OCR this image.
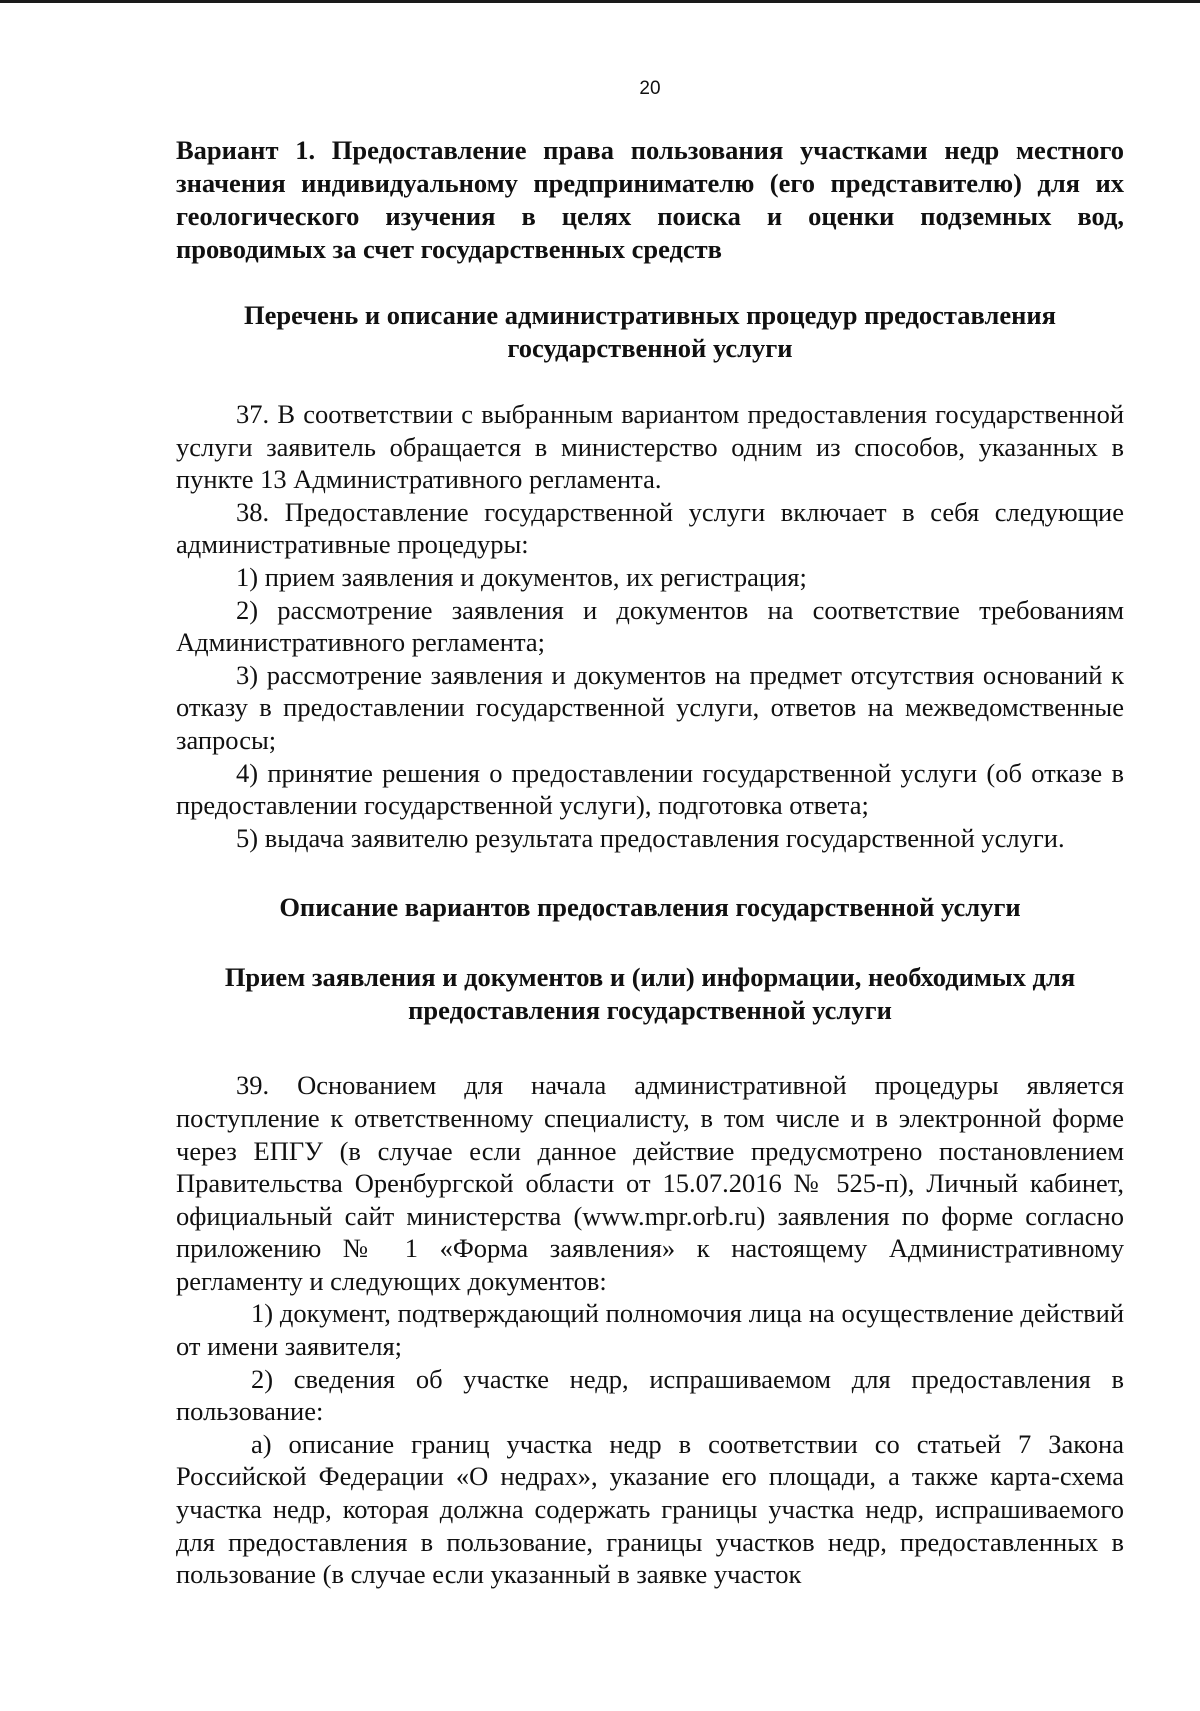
20

Вариант 1. Предоставление права пользования участками недр местного значения индивидуальному предпринимателю (его представителю) для их геологического изучения в целях поиска и оценки подземных вод, проводимых за счет государственных средств

Перечень и описание административных процедур предоставления государственной услуги

37. В соответствии с выбранным вариантом предоставления государственной услуги заявитель обращается в министерство одним из способов, указанных в пункте 13 Административного регламента.

38. Предоставление государственной услуги включает в себя следующие административные процедуры:

1) прием заявления и документов, их регистрация;

2) рассмотрение заявления и документов на соответствие требованиям Административного регламента;

3) рассмотрение заявления и документов на предмет отсутствия оснований к отказу в предоставлении государственной услуги, ответов на межведомственные запросы;

4) принятие решения о предоставлении государственной услуги (об отказе в предоставлении государственной услуги), подготовка ответа;

5) выдача заявителю результата предоставления государственной услуги.

Описание вариантов предоставления государственной услуги

Прием заявления и документов и (или) информации, необходимых для предоставления государственной услуги

39. Основанием для начала административной процедуры является поступление к ответственному специалисту, в том числе и в электронной форме через ЕПГУ (в случае если данное действие предусмотрено постановлением Правительства Оренбургской области от 15.07.2016 № 525-п), Личный кабинет, официальный сайт министерства (www.mpr.orb.ru) заявления по форме согласно приложению № 1 «Форма заявления» к настоящему Административному регламенту и следующих документов:

1) документ, подтверждающий полномочия лица на осуществление действий от имени заявителя;

2) сведения об участке недр, испрашиваемом для предоставления в пользование:

а) описание границ участка недр в соответствии со статьей 7 Закона Российской Федерации «О недрах», указание его площади, а также карта-схема участка недр, которая должна содержать границы участка недр, испрашиваемого для предоставления в пользование, границы участков недр, предоставленных в пользование (в случае если указанный в заявке участок
